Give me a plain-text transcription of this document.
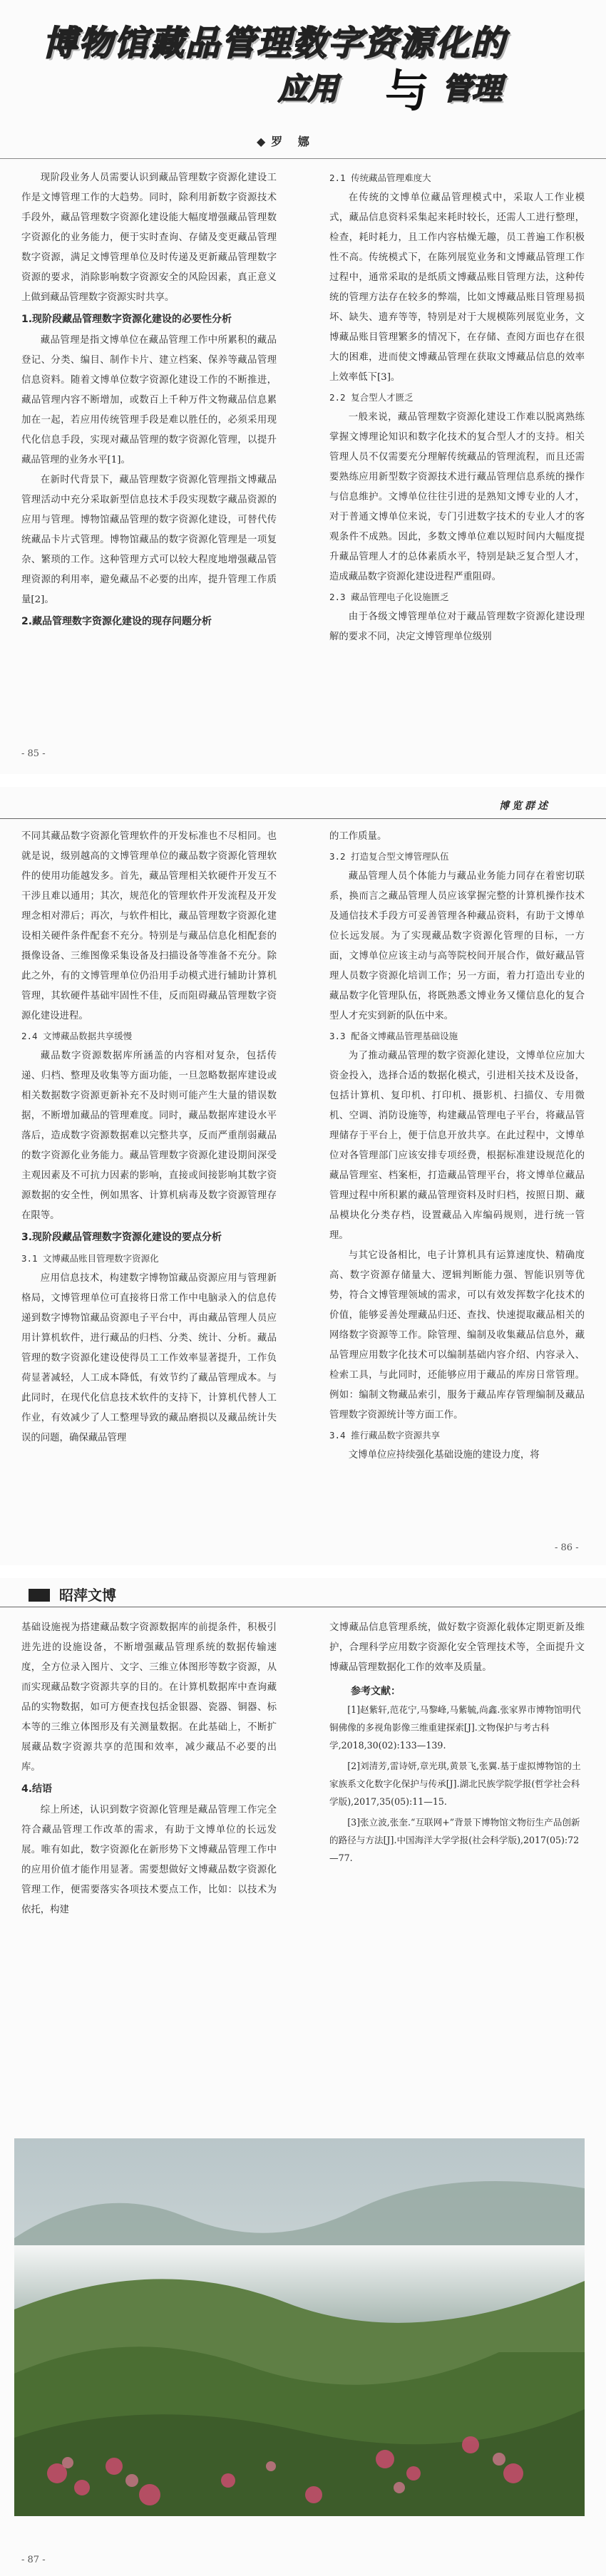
博物馆藏品管理数字资源化的
应用 与 管理
◆罗 娜

现阶段业务人员需要认识到藏品管理数字资源化建设工作是文博管理工作的大趋势。同时，除利用新数字资源技术手段外，藏品管理数字资源化建设能大幅度增强藏品管理数字资源化的业务能力，便于实时查询、存储及变更藏品管理数字资源，满足文博管理单位及时传递及更新藏品管理数字资源的要求，消除影响数字资源安全的风险因素，真正意义上做到藏品管理数字资源实时共享。

1.现阶段藏品管理数字资源化建设的必要性分析

藏品管理是指文博单位在藏品管理工作中所累积的藏品登记、分类、编目、制作卡片、建立档案、保养等藏品管理信息资料。随着文博单位数字资源化建设工作的不断推进，藏品管理内容不断增加，或数百上千种万件文物藏品信息累加在一起，若应用传统管理手段是难以胜任的，必须采用现代化信息手段，实现对藏品管理的数字资源化管理，以提升藏品管理的业务水平[1]。

在新时代背景下，藏品管理数字资源化管理指文博藏品管理活动中充分采取新型信息技术手段实现数字藏品资源的应用与管理。博物馆藏品管理的数字资源化建设，可替代传统藏品卡片式管理。博物馆藏品的数字资源化管理是一项复杂、繁琐的工作。这种管理方式可以较大程度地增强藏品管理资源的利用率，避免藏品不必要的出库，提升管理工作质量[2]。

2.藏品管理数字资源化建设的现存问题分析
2.1 传统藏品管理难度大

在传统的文博单位藏品管理模式中，采取人工作业模式，藏品信息资料采集起来耗时较长，还需人工进行整理，检查，耗时耗力，且工作内容枯燥无趣，员工普遍工作积极性不高。传统模式下，在陈列展览业务和文博藏品管理工作过程中，通常采取的是纸质文博藏品账目管理方法，这种传统的管理方法存在较多的弊端，比如文博藏品账目管理易损坏、缺失、遗弃等等，特别是对于大规模陈列展览业务，文博藏品账目管理繁多的情况下，在存储、查阅方面也存在很大的困难，进而使文博藏品管理在获取文博藏品信息的效率上效率低下[3]。

2.2 复合型人才匮乏

一般来说，藏品管理数字资源化建设工作难以脱离熟练掌握文博理论知识和数字化技术的复合型人才的支持。相关管理人员不仅需要充分理解传统藏品的管理流程，而且还需要熟练应用新型数字资源技术进行藏品管理信息系统的操作与信息维护。文博单位往往引进的是熟知文博专业的人才，对于普通文博单位来说，专门引进数字技术的专业人才的客观条件不成熟。因此，多数文博单位难以短时间内大幅度提升藏品管理人才的总体素质水平，特别是缺乏复合型人才，造成藏品数字资源化建设进程严重阻碍。

2.3 藏品管理电子化设施匮乏

由于各级文博管理单位对于藏品管理数字资源化建设理解的要求不同，决定文博管理单位级别

- 85 -
博览群述

不同其藏品数字资源化管理软件的开发标准也不尽相同。也就是说，级别越高的文博管理单位的藏品数字资源化管理软件的使用功能越发多。首先，藏品管理相关软硬件开发互不干涉且难以通用；其次，规范化的管理软件开发流程及开发理念相对滞后；再次，与软件相比，藏品管理数字资源化建设相关硬件条件配套不充分。特别是与藏品信息化相配套的摄像设备、三维图像采集设备及扫描设备等准备不充分。除此之外，有的文博管理单位仍沿用手动模式进行辅助计算机管理，其软硬件基础牢固性不佳，反而阻碍藏品管理数字资源化建设进程。

2.4 文博藏品数据共享缓慢

藏品数字资源数据库所涵盖的内容相对复杂，包括传递、归档、整理及收集等方面功能，一旦忽略数据库建设或相关数据数字资源更新补充不及时则可能产生大量的错误数据，不断增加藏品的管理难度。同时，藏品数据库建设水平落后，造成数字资源数据难以完整共享，反而严重削弱藏品的数字资源化业务能力。藏品管理数字资源化建设期间深受主观因素及不可抗力因素的影响，直接或间接影响其数字资源数据的安全性，例如黑客、计算机病毒及数字资源管理存在限等。

3.现阶段藏品管理数字资源化建设的要点分析
3.1 文博藏品账目管理数字资源化

应用信息技术，构建数字博物馆藏品资源应用与管理新格局，文博管理单位可直接将日常工作中电脑录入的信息传递到数字博物馆藏品资源电子平台中，再由藏品管理人员应用计算机软件，进行藏品的归档、分类、统计、分析。藏品管理的数字资源化建设使得员工工作效率显著提升，工作负荷显著减轻，人工成本降低，有效节约了藏品管理成本。与此同时，在现代化信息技术软件的支持下，计算机代替人工作业，有效减少了人工整理导致的藏品磨损以及藏品统计失误的问题，确保藏品管理

的工作质量。

3.2 打造复合型文博管理队伍

藏品管理人员个体能力与藏品业务能力同存在着密切联系，换而言之藏品管理人员应该掌握完整的计算机操作技术及通信技术手段方可妥善管理各种藏品资料，有助于文博单位长远发展。为了实现藏品数字资源化管理的目标，一方面，文博单位应该主动与高等院校间开展合作，做好藏品管理人员数字资源化培训工作；另一方面，着力打造出专业的藏品数字化管理队伍，将既熟悉文博业务又懂信息化的复合型人才充实到新的队伍中来。

3.3 配备文博藏品管理基础设施

为了推动藏品管理的数字资源化建设，文博单位应加大资金投入，选择合适的数据化模式，引进相关技术及设备，包括计算机、复印机、打印机、摄影机、扫描仪、专用微机、空调、消防设施等，构建藏品管理电子平台，将藏品管理储存于平台上，便于信息开放共享。在此过程中，文博单位对各管理部门应该安排专项经费，根据标准建设规范化的藏品管理室、档案柜，打造藏品管理平台，将文博单位藏品管理过程中所积累的藏品管理资料及时归档，按照日期、藏品模块化分类存档，设置藏品入库编码规则，进行统一管理。

与其它设备相比，电子计算机具有运算速度快、精确度高、数字资源存储量大、逻辑判断能力强、智能识别等优势，符合文博管理领域的需求，可以有效发挥数字化技术的价值，能够妥善处理藏品归还、查找、快速提取藏品相关的网络数字资源等工作。除管理、编制及收集藏品信息外，藏品管理应用数字化技术可以编制基础内容介绍、内容录入、检索工具，与此同时，还能够应用于藏品的库房日常管理。例如：编制文物藏品索引，服务于藏品库存管理编制及藏品管理数字资源统计等方面工作。

3.4 推行藏品数字资源共享

文博单位应持续强化基础设施的建设力度，将

- 86 -

基础设施视为搭建藏品数字资源数据库的前提条件，积极引进先进的设施设备，不断增强藏品管理系统的数据传输速度，全方位录入图片、文字、三维立体图形等数字资源，从而实现藏品数字资源共享的目的。在计算机数据库中查询藏品的实物数据，如可方便查找包括金银器、瓷器、铜器、标本等的三维立体图形及有关测量数据。在此基础上，不断扩展藏品数字资源共享的范围和效率，减少藏品不必要的出库。

4.结语

综上所述，认识到数字资源化管理是藏品管理工作完全符合藏品管理工作改革的需求，有助于文博单位的长远发展。唯有如此，数字资源化在新形势下文博藏品管理工作中的应用价值才能作用显著。需要想做好文博藏品数字资源化管理工作，便需要落实各项技术要点工作，比如：以技术为依托，构建

文博藏品信息管理系统，做好数字资源化载体定期更新及维护，合理科学应用数字资源化安全管理技术等，全面提升文博藏品管理数据化工作的效率及质量。

参考文献：

[1]赵紫轩,范花宁,马黎峰,马紫毓,尚鑫.张家界市博物馆明代铜佛像的多视角影像三维重建探索[J].文物保护与考古科学,2018,30(02):133—139.

[2]刘清芳,雷诗妍,章光琪,黄景飞,张翼.基于虚拟博物馆的土家族系文化数字化保护与传承[J].湖北民族学院学报(哲学社会科学版),2017,35(05):11—15.

[3]张立波,张奎.“互联网+”背景下博物馆文物衍生产品创新的路径与方法[J].中国海洋大学学报(社会科学版),2017(05):72—77.

- 87 -
昭萍文博
